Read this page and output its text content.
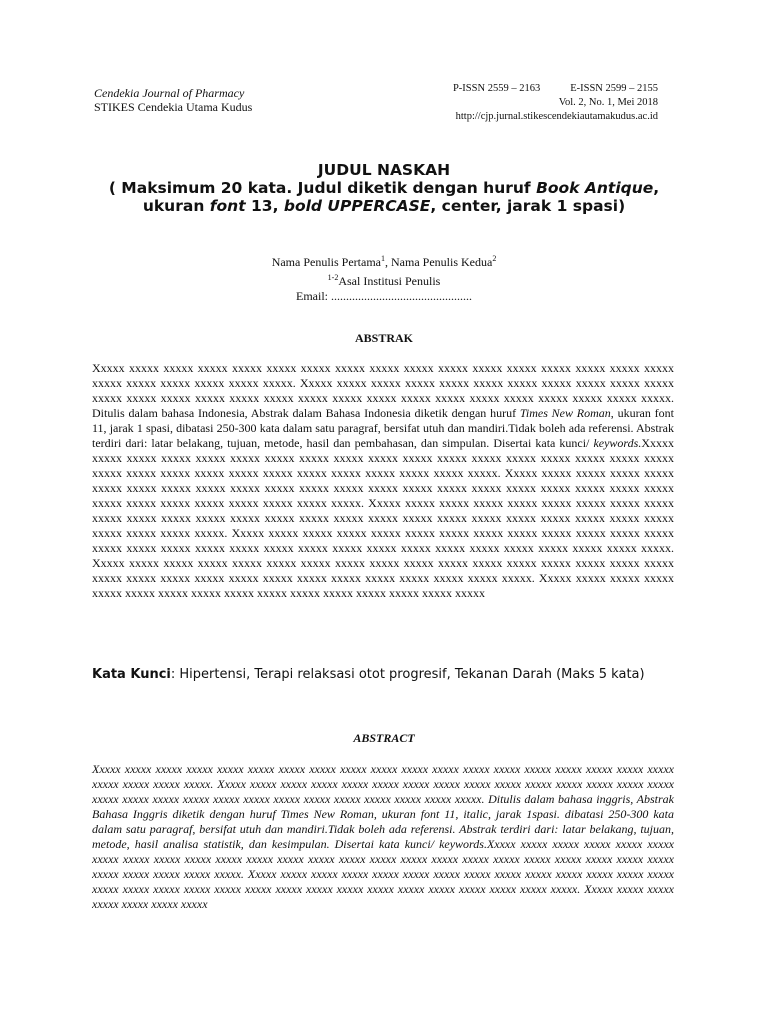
Cendekia Journal of Pharmacy
STIKES Cendekia Utama Kudus
P-ISSN 2559 – 2163	E-ISSN 2599 – 2155
Vol. 2, No. 1, Mei 2018
http://cjp.jurnal.stikescendekiautamakudus.ac.id
JUDUL NASKAH
( Maksimum 20 kata. Judul diketik dengan huruf Book Antique, ukuran font 13, bold UPPERCASE, center, jarak 1 spasi)
Nama Penulis Pertama$^1$, Nama Penulis Kedua$^2$
$^{1-2}$Asal Institusi Penulis
Email: ...............................................
ABSTRAK
Xxxxx xxxxx xxxxx xxxxx xxxxx xxxxx xxxxx xxxxx xxxxx xxxxx xxxxx xxxxx xxxxx xxxxx xxxxx xxxxx xxxxx xxxxx xxxxx xxxxx xxxxx xxxxx xxxxx. Xxxxx xxxxx xxxxx xxxxx xxxxx xxxxx xxxxx xxxxx xxxxx xxxxx xxxxx xxxxx xxxxx xxxxx xxxxx xxxxx xxxxx xxxxx xxxxx xxxxx xxxxx xxxxx xxxxx xxxxx xxxxx xxxxx xxxxx xxxxx. Ditulis dalam bahasa Indonesia, Abstrak dalam Bahasa Indonesia diketik dengan huruf Times New Roman, ukuran font 11, jarak 1 spasi, dibatasi 250-300 kata dalam satu paragraf, bersifat utuh dan mandiri.Tidak boleh ada referensi. Abstrak terdiri dari: latar belakang, tujuan, metode, hasil dan pembahasan, dan simpulan. Disertai kata kunci/ keywords.Xxxxx xxxxx xxxxx xxxxx xxxxx xxxxx xxxxx xxxxx xxxxx xxxxx xxxxx xxxxx xxxxx xxxxx xxxxx xxxxx xxxxx xxxxx xxxxx xxxxx xxxxx xxxxx xxxxx xxxxx xxxxx xxxxx xxxxx xxxxx xxxxx xxxxx. Xxxxx xxxxx xxxxx xxxxx xxxxx xxxxx xxxxx xxxxx xxxxx xxxxx xxxxx xxxxx xxxxx xxxxx xxxxx xxxxx xxxxx xxxxx xxxxx xxxxx xxxxx xxxxx xxxxx xxxxx xxxxx xxxxx xxxxx xxxxx xxxxx xxxxx. Xxxxx xxxxx xxxxx xxxxx xxxxx xxxxx xxxxx xxxxx xxxxx xxxxx xxxxx xxxxx xxxxx xxxxx xxxxx xxxxx xxxxx xxxxx xxxxx xxxxx xxxxx xxxxx xxxxx xxxxx xxxxx xxxxx xxxxx xxxxx xxxxx xxxxx. Xxxxx xxxxx xxxxx xxxxx xxxxx xxxxx xxxxx xxxxx xxxxx xxxxx xxxxx xxxxx xxxxx xxxxx xxxxx xxxxx xxxxx xxxxx xxxxx xxxxx xxxxx xxxxx xxxxx xxxxx xxxxx xxxxx xxxxx xxxxx xxxxx xxxxx. Xxxxx xxxxx xxxxx xxxxx xxxxx xxxxx xxxxx xxxxx xxxxx xxxxx xxxxx xxxxx xxxxx xxxxx xxxxx xxxxx xxxxx xxxxx xxxxx xxxxx xxxxx xxxxx xxxxx xxxxx xxxxx xxxxx xxxxx xxxxx xxxxx xxxxx. Xxxxx xxxxx xxxxx xxxxx xxxxx xxxxx xxxxx xxxxx xxxxx xxxxx xxxxx xxxxx xxxxx xxxxx xxxxx xxxxx
Kata Kunci: Hipertensi, Terapi relaksasi otot progresif, Tekanan Darah (Maks 5 kata)
ABSTRACT
Xxxxx xxxxx xxxxx xxxxx xxxxx xxxxx xxxxx xxxxx xxxxx xxxxx xxxxx xxxxx xxxxx xxxxx xxxxx xxxxx xxxxx xxxxx xxxxx xxxxx xxxxx xxxxx xxxxx. Xxxxx xxxxx xxxxx xxxxx xxxxx xxxxx xxxxx xxxxx xxxxx xxxxx xxxxx xxxxx xxxxx xxxxx xxxxx xxxxx xxxxx xxxxx xxxxx xxxxx xxxxx xxxxx xxxxx xxxxx xxxxx xxxxx xxxxx xxxxx. Ditulis dalam bahasa inggris, Abstrak Bahasa Inggris diketik dengan huruf Times New Roman, ukuran font 11, italic, jarak 1spasi. dibatasi 250-300 kata dalam satu paragraf, bersifat utuh dan mandiri.Tidak boleh ada referensi. Abstrak terdiri dari: latar belakang, tujuan, metode, hasil analisa statistik, dan kesimpulan. Disertai kata kunci/ keywords.Xxxxx xxxxx xxxxx xxxxx xxxxx xxxxx xxxxx xxxxx xxxxx xxxxx xxxxx xxxxx xxxxx xxxxx xxxxx xxxxx xxxxx xxxxx xxxxx xxxxx xxxxx xxxxx xxxxx xxxxx xxxxx xxxxx xxxxx xxxxx xxxxx xxxxx. Xxxxx xxxxx xxxxx xxxxx xxxxx xxxxx xxxxx xxxxx xxxxx xxxxx xxxxx xxxxx xxxxx xxxxx xxxxx xxxxx xxxxx xxxxx xxxxx xxxxx xxxxx xxxxx xxxxx xxxxx xxxxx xxxxx xxxxx xxxxx xxxxx xxxxx. Xxxxx xxxxx xxxxx xxxxx xxxxx xxxxx xxxxx
